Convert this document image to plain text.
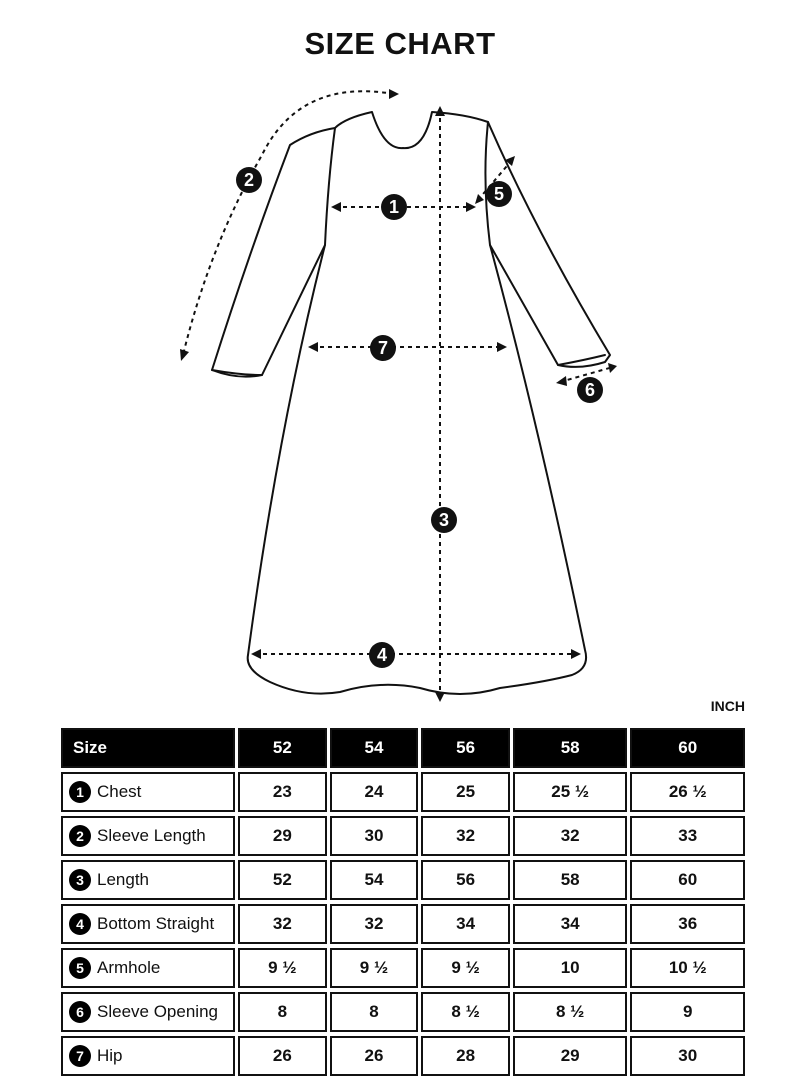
SIZE CHART
1
2
3
4
5
6
7
INCH
Size	52	54	56	58	60
1 Chest	23	24	25	25 ½	26 ½
2 Sleeve Length	29	30	32	32	33
3 Length	52	54	56	58	60
4 Bottom Straight	32	32	34	34	36
5 Armhole	9 ½	9 ½	9 ½	10	10 ½
6 Sleeve Opening	8	8	8 ½	8 ½	9
7 Hip	26	26	28	29	30
